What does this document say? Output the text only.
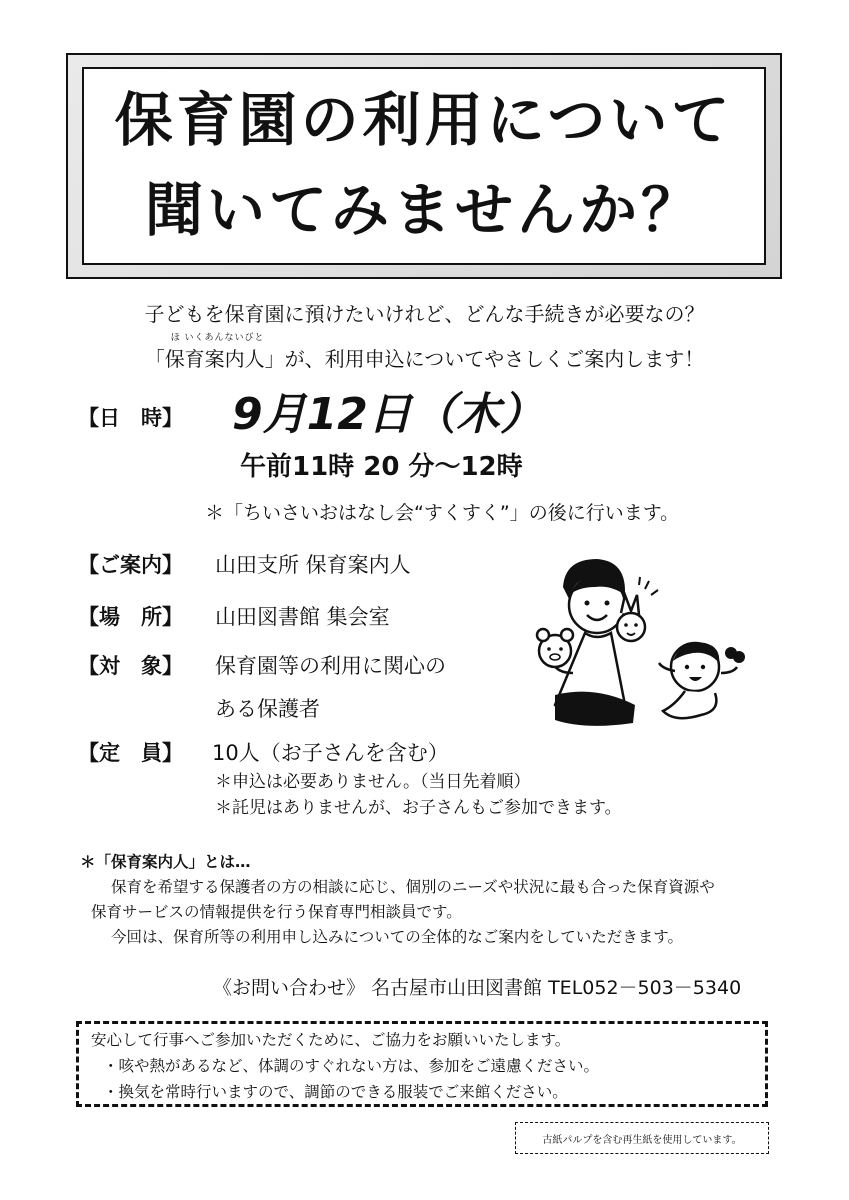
保育園の利用について
聞いてみませんか？
子どもを保育園に預けたいけれど、どんな手続きが必要なの？
「
ほ いくあんないびと
保育案内人」が、利用申込についてやさしくご案内します！
【日　時】 9月12日（木）
午前11時 20 分～12時
＊「ちいさいおはなし会“すくすく”」の後に行います。
【ご案内】 山田支所 保育案内人
【場　所】 山田図書館 集会室
【対　象】 保育園等の利用に関心の
ある保護者
【定　員】 10人（お子さんを含む）
＊申込は必要ありません。（当日先着順）
＊託児はありませんが、お子さんもご参加できます。
＊「保育案内人」とは…
保育を希望する保護者の方の相談に応じ、個別のニーズや状況に最も合った保育資源や
保育サービスの情報提供を行う保育専門相談員です。
今回は、保育所等の利用申し込みについての全体的なご案内をしていただきます。
《お問い合わせ》 名古屋市山田図書館 TEL052－503－5340
安心して行事へご参加いただくために、ご協力をお願いいたします。
・咳や熱があるなど、体調のすぐれない方は、参加をご遠慮ください。
・換気を常時行いますので、調節のできる服装でご来館ください。
古紙パルプを含む再生紙を使用しています。
